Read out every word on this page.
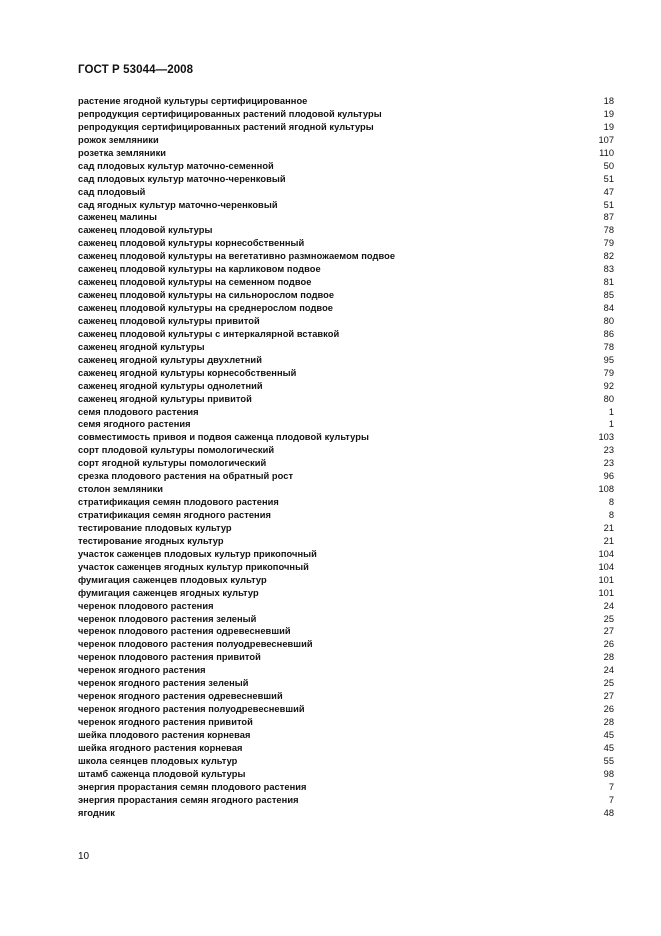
ГОСТ Р 53044—2008
растение ягодной культуры сертифицированное	18
репродукция сертифицированных растений плодовой культуры	19
репродукция сертифицированных растений ягодной культуры	19
рожок земляники	107
розетка земляники	110
сад плодовых культур маточно-семенной	50
сад плодовых культур маточно-черенковый	51
сад плодовый	47
сад ягодных культур маточно-черенковый	51
саженец малины	87
саженец плодовой культуры	78
саженец плодовой культуры корнесобственный	79
саженец плодовой культуры на вегетативно размножаемом подвое	82
саженец плодовой культуры на карликовом подвое	83
саженец плодовой культуры на семенном подвое	81
саженец плодовой культуры на сильнорослом подвое	85
саженец плодовой культуры на среднерослом подвое	84
саженец плодовой культуры привитой	80
саженец плодовой культуры с интеркалярной вставкой	86
саженец ягодной культуры	78
саженец ягодной культуры двухлетний	95
саженец ягодной культуры корнесобственный	79
саженец ягодной культуры однолетний	92
саженец ягодной культуры привитой	80
семя плодового растения	1
семя ягодного растения	1
совместимость привоя и подвоя саженца плодовой культуры	103
сорт плодовой культуры помологический	23
сорт ягодной культуры помологический	23
срезка плодового растения на обратный рост	96
столон земляники	108
стратификация семян плодового растения	8
стратификация семян ягодного растения	8
тестирование плодовых культур	21
тестирование ягодных культур	21
участок саженцев плодовых культур прикопочный	104
участок саженцев ягодных культур прикопочный	104
фумигация саженцев плодовых культур	101
фумигация саженцев ягодных культур	101
черенок плодового растения	24
черенок плодового растения зеленый	25
черенок плодового растения одревесневший	27
черенок плодового растения полуодревесневший	26
черенок плодового растения привитой	28
черенок ягодного растения	24
черенок ягодного растения зеленый	25
черенок ягодного растения одревесневший	27
черенок ягодного растения полуодревесневший	26
черенок ягодного растения привитой	28
шейка плодового растения корневая	45
шейка ягодного растения корневая	45
школа сеянцев плодовых культур	55
штамб саженца плодовой культуры	98
энергия прорастания семян плодового растения	7
энергия прорастания семян ягодного растения	7
ягодник	48
10
